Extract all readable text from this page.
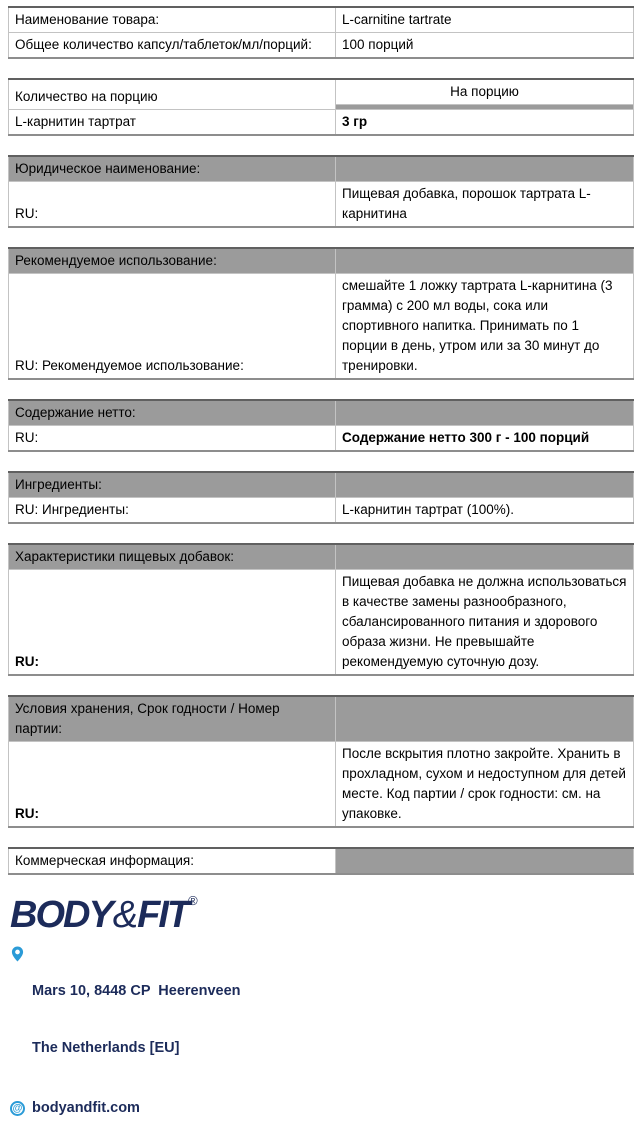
Наименование товара:	L-carnitine tartrate
Общее количество капсул/таблеток/мл/порций:	100 порций
Количество на порцию	На порцию

L-карнитин тартрат	3 гр
Юридическое наименование:	
RU:	Пищевая добавка, порошок тартрата L-карнитина
Рекомендуемое использование:	
RU: Рекомендуемое использование:	смешайте 1 ложку тартрата L-карнитина (3 грамма) с 200 мл воды, сока или спортивного напитка. Принимать по 1 порции в день, утром или за 30 минут до тренировки.
Содержание нетто:	
RU:	Содержание нетто 300 г - 100 порций
Ингредиенты:	
RU: Ингредиенты:	L-карнитин тартрат (100%).
Характеристики пищевых добавок:	
RU:	Пищевая добавка не должна использоваться в качестве замены разнообразного, сбалансированного питания и здорового образа жизни. Не превышайте рекомендуемую суточную дозу.
Условия хранения, Срок годности / Номер партии:	
RU:	После вскрытия плотно закройте. Хранить в прохладном, сухом и недоступном для детей месте. Код партии / срок годности: см. на упаковке.
Коммерческая информация:	
BODY&FIT®

Mars 10, 8448 CP  Heerenveen

The Netherlands [EU]

@ bodyandfit.com
